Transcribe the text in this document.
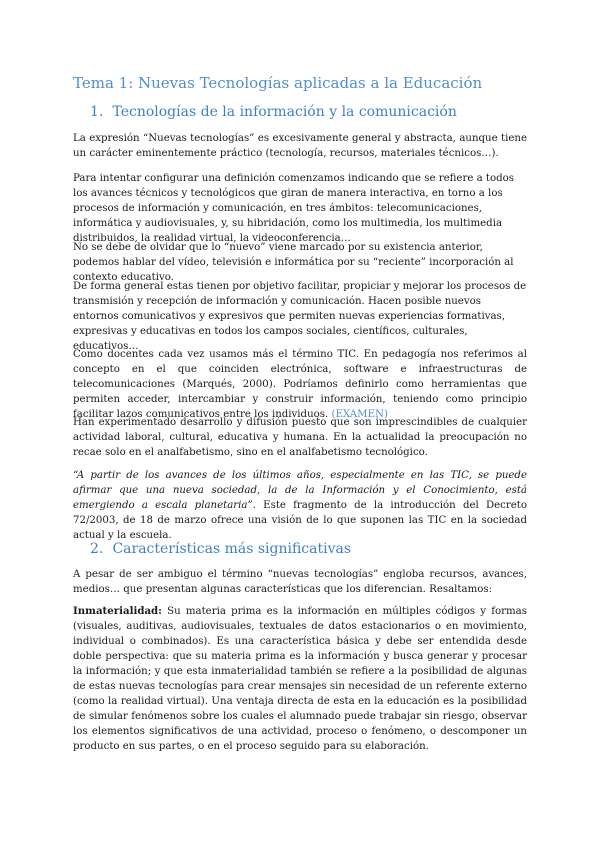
Tema 1: Nuevas Tecnologías aplicadas a la Educación
1. Tecnologías de la información y la comunicación

La expresión “Nuevas tecnologías” es excesivamente general y abstracta, aunque tiene un carácter eminentemente práctico (tecnología, recursos, materiales técnicos…).

Para intentar configurar una definición comenzamos indicando que se refiere a todos los avances técnicos y tecnológicos que giran de manera interactiva, en torno a los procesos de información y comunicación, en tres ámbitos: telecomunicaciones, informática y audiovisuales, y, su hibridación, como los multimedia, los multimedia distribuidos, la realidad virtual, la videoconferencia…

No se debe de olvidar que lo “nuevo” viene marcado por su existencia anterior, podemos hablar del vídeo, televisión e informática por su “reciente” incorporación al contexto educativo.

De forma general estas tienen por objetivo facilitar, propiciar y mejorar los procesos de transmisión y recepción de información y comunicación. Hacen posible nuevos entornos comunicativos y expresivos que permiten nuevas experiencias formativas, expresivas y educativas en todos los campos sociales, científicos, culturales, educativos…

Como docentes cada vez usamos más el término TIC. En pedagogía nos referimos al concepto en el que coinciden electrónica, software e infraestructuras de telecomunicaciones (Marqués, 2000). Podríamos definirlo como herramientas que permiten acceder, intercambiar y construir información, teniendo como principio facilitar lazos comunicativos entre los individuos. (EXAMEN)

Han experimentado desarrollo y difusión puesto que son imprescindibles de cualquier actividad laboral, cultural, educativa y humana. En la actualidad la preocupación no recae solo en el analfabetismo, sino en el analfabetismo tecnológico.

“A partir de los avances de los últimos años, especialmente en las TIC, se puede afirmar que una nueva sociedad, la de la Información y el Conocimiento, está emergiendo a escala planetaria”. Este fragmento de la introducción del Decreto 72/2003, de 18 de marzo ofrece una visión de lo que suponen las TIC en la sociedad actual y la escuela.

2. Características más significativas

A pesar de ser ambiguo el término “nuevas tecnologías” engloba recursos, avances, medios… que presentan algunas características que los diferencian. Resaltamos:

Inmaterialidad: Su materia prima es la información en múltiples códigos y formas (visuales, auditivas, audiovisuales, textuales de datos estacionarios o en movimiento, individual o combinados). Es una característica básica y debe ser entendida desde doble perspectiva: que su materia prima es la información y busca generar y procesar la información; y que esta inmaterialidad también se refiere a la posibilidad de algunas de estas nuevas tecnologías para crear mensajes sin necesidad de un referente externo (como la realidad virtual). Una ventaja directa de esta en la educación es la posibilidad de simular fenómenos sobre los cuales el alumnado puede trabajar sin riesgo, observar los elementos significativos de una actividad, proceso o fenómeno, o descomponer un producto en sus partes, o en el proceso seguido para su elaboración.
